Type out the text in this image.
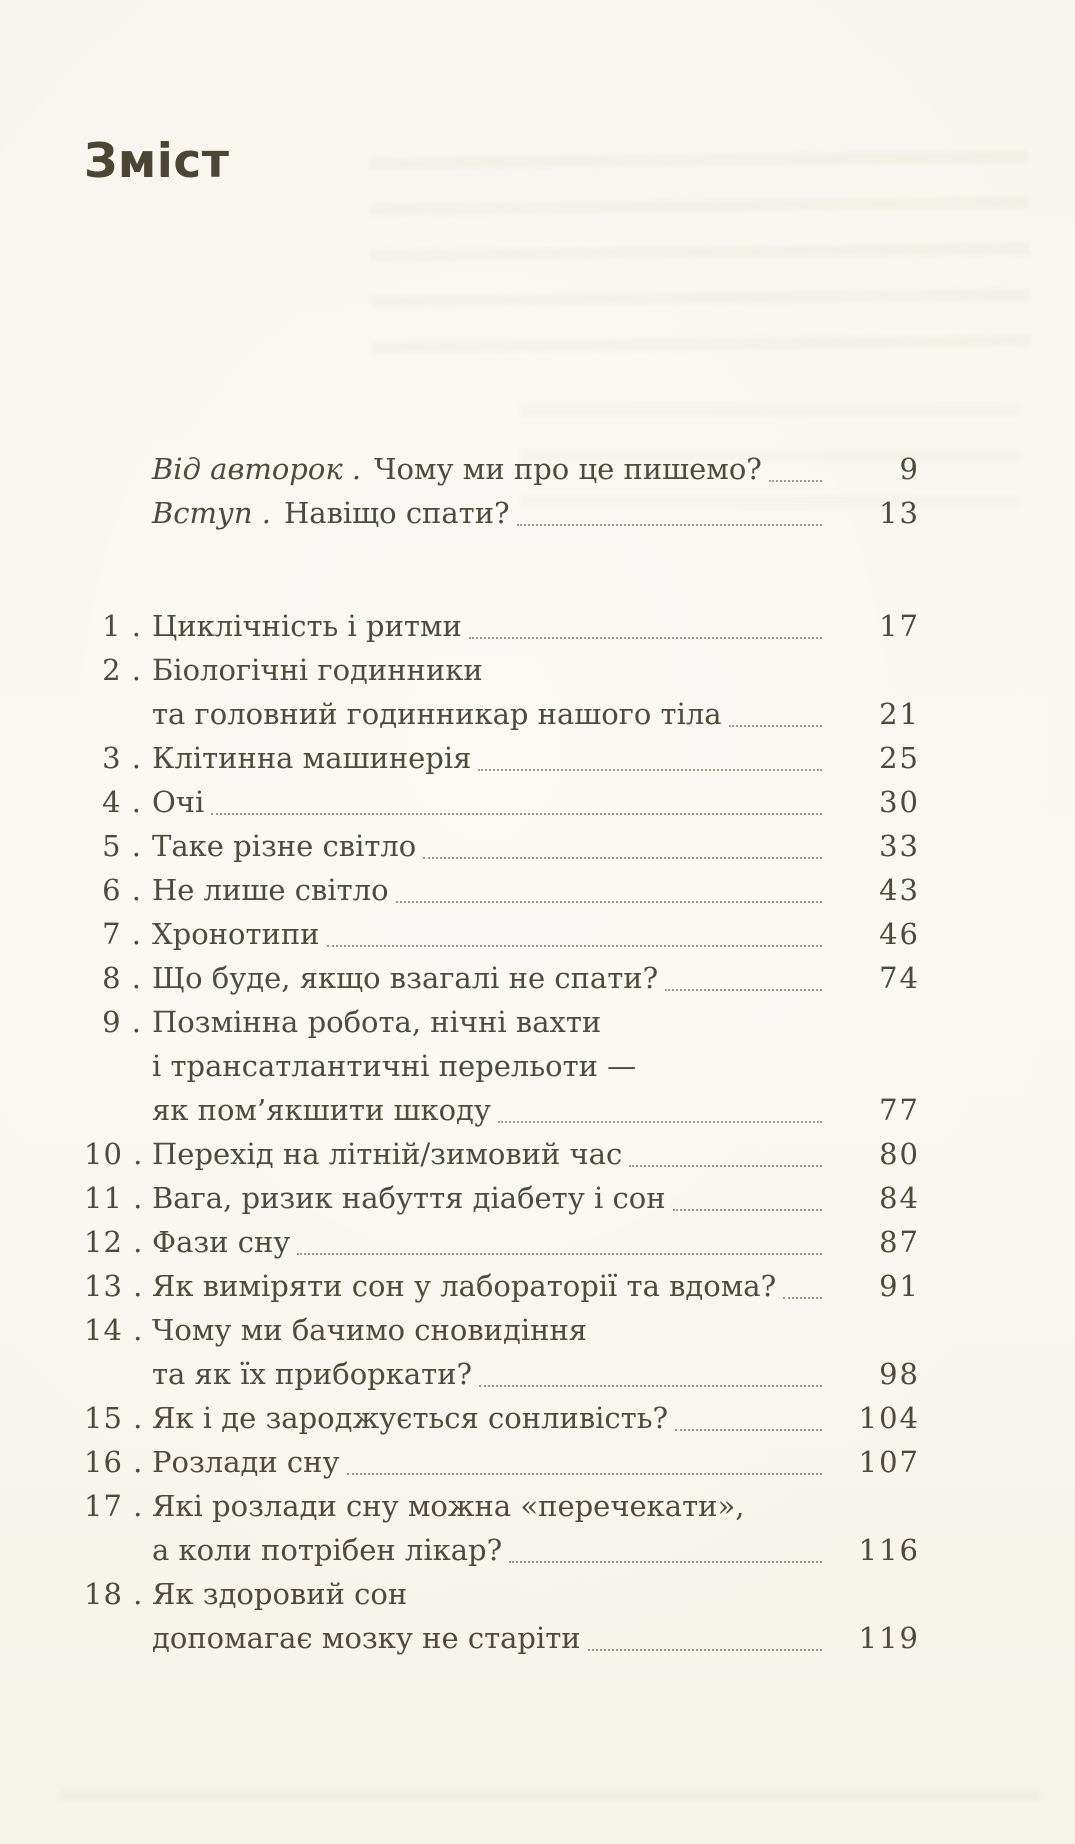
Зміст
Від авторок . Чому ми про це пишемо?	9
Вступ . Навіщо спати?	13
1 . Циклічність і ритми	17
2 . Біологічні годинники
та головний годинникар нашого тіла	21
3 . Клітинна машинерія	25
4 . Очі	30
5 . Таке різне світло	33
6 . Не лише світло	43
7 . Хронотипи	46
8 . Що буде, якщо взагалі не спати?	74
9 . Позмінна робота, нічні вахти
і трансатлантичні перельоти —
як пом’якшити шкоду	77
10 . Перехід на літній/зимовий час	80
11 . Вага, ризик набуття діабету і сон	84
12 . Фази сну	87
13 . Як виміряти сон у лабораторії та вдома?	91
14 . Чому ми бачимо сновидіння
та як їх приборкати?	98
15 . Як і де зароджується сонливість?	104
16 . Розлади сну	107
17 . Які розлади сну можна «перечекати»,
а коли потрібен лікар?	116
18 . Як здоровий сон
допомагає мозку не старіти	119
